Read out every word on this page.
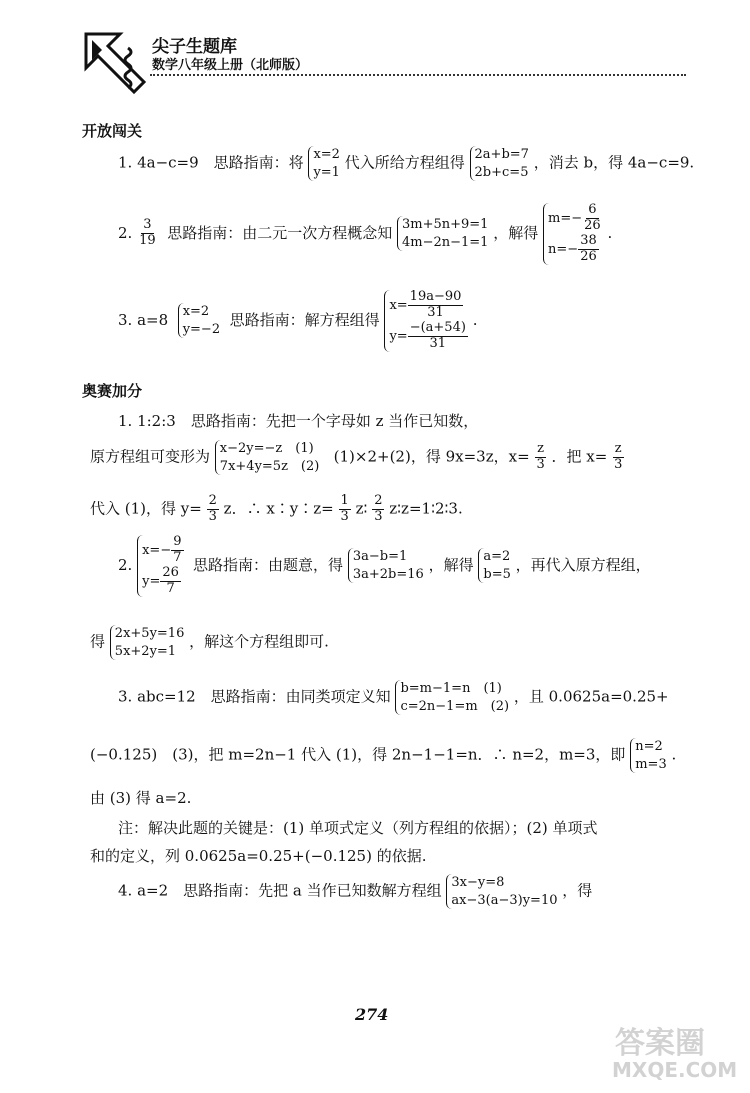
尖子生题库
数学八年级上册（北师版）
开放闯关
1. 4a−c=9　思路指南：将 x=2
y=1
代入所给方程组得 2a+b=7
2b+c=5
，消去 b，得 4a−c=9.
2. $\frac{3}{19}$ 思路指南：由二元一次方程概念知 3m+5n+9=1
4m−2n−1=1
，解得
$m=- \frac{6}{26}$
$n=- \frac{38}{26}$
.
3. a=8 x=2
y=−2
思路指南：解方程组得
$x= \frac{19a-90}{31}$
$y= \frac{-(a+54)}{31}$
.
奥赛加分
1. 1:2:3　思路指南：先把一个字母如 z 当作已知数，
原方程组可变形为 x−2y=−z　(1)
7x+4y=5z　(2)
(1)×2+(2)，得 9x=3z，$x= \frac{z}{3}$ ．把 $x= \frac{z}{3}$
代入 (1)，得 $y= \frac{2}{3}$ z．∴ x∶y∶z= $\frac{1}{3}$ z∶ $\frac{2}{3}$ z∶z=1∶2∶3.
2.
$x=- \frac{9}{7}$
$y= \frac{26}{7}$
思路指南：由题意，得 3a−b=1
3a+2b=16
，解得 a=2
b=5
，再代入原方程组，
得 2x+5y=16
5x+2y=1
，解这个方程组即可.
3. abc=12　思路指南：由同类项定义知 b=m−1=n　(1)
c=2n−1=m　(2)
，且 0.0625a=0.25+
(−0.125)　(3)，把 m=2n−1 代入 (1)，得 2n−1−1=n．∴ n=2，m=3，即 n=2
m=3
.
由 (3) 得 a=2.
注：解决此题的关键是：(1) 单项式定义（列方程组的依据）；(2) 单项式
和的定义，列 0.0625a=0.25+(−0.125) 的依据.
4. a=2　思路指南：先把 a 当作已知数解方程组 3x−y=8
ax−3(a−3)y=10
，得
274
答案圈
MXQE.COM
